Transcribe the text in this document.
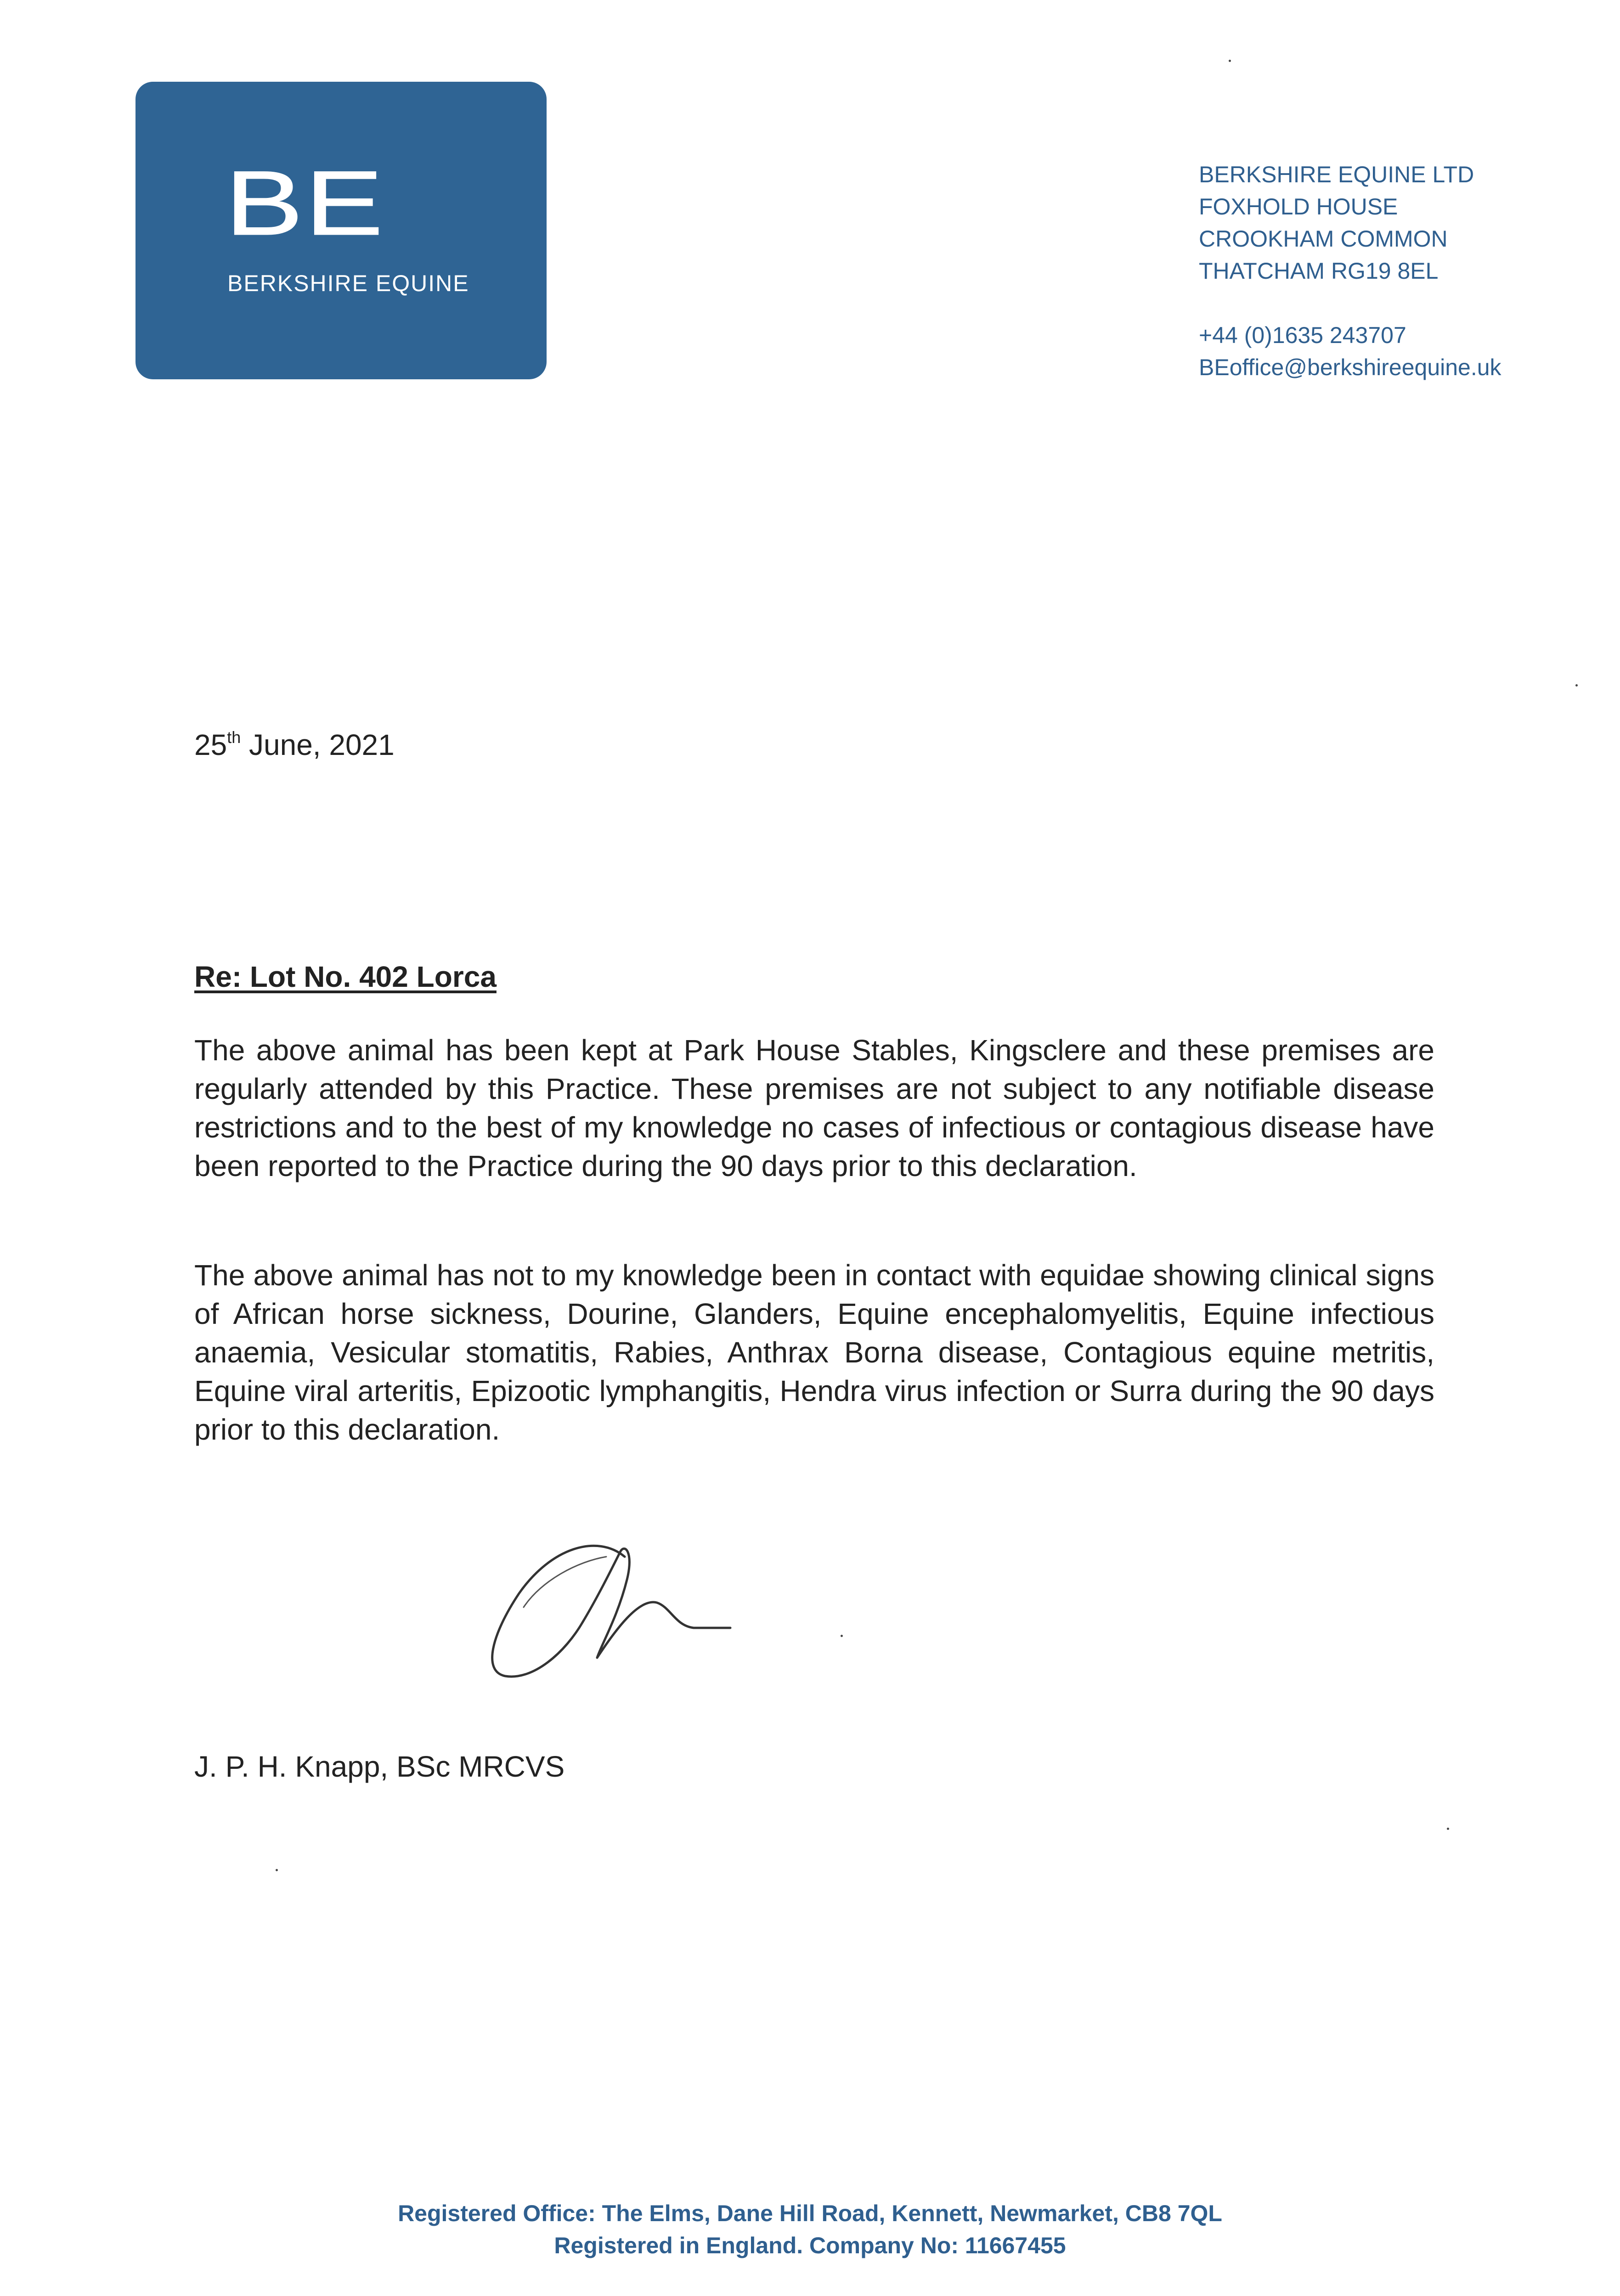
BE
BERKSHIRE EQUINE
BERKSHIRE EQUINE LTD
FOXHOLD HOUSE
CROOKHAM COMMON
THATCHAM RG19 8EL
+44 (0)1635 243707
BEoffice@berkshireequine.uk
25th June, 2021
Re: Lot No. 402 Lorca
The above animal has been kept at Park House Stables, Kingsclere and these premises are regularly attended by this Practice. These premises are not subject to any notifiable disease restrictions and to the best of my knowledge no cases of infectious or contagious disease have been reported to the Practice during the 90 days prior to this declaration.
The above animal has not to my knowledge been in contact with equidae showing clinical signs of African horse sickness, Dourine, Glanders, Equine encephalomyelitis, Equine infectious anaemia, Vesicular stomatitis, Rabies, Anthrax Borna disease, Contagious equine metritis, Equine viral arteritis, Epizootic lymphangitis, Hendra virus infection or Surra during the 90 days prior to this declaration.
J. P. H. Knapp, BSc MRCVS
Registered Office: The Elms, Dane Hill Road, Kennett, Newmarket, CB8 7QL
Registered in England. Company No: 11667455
